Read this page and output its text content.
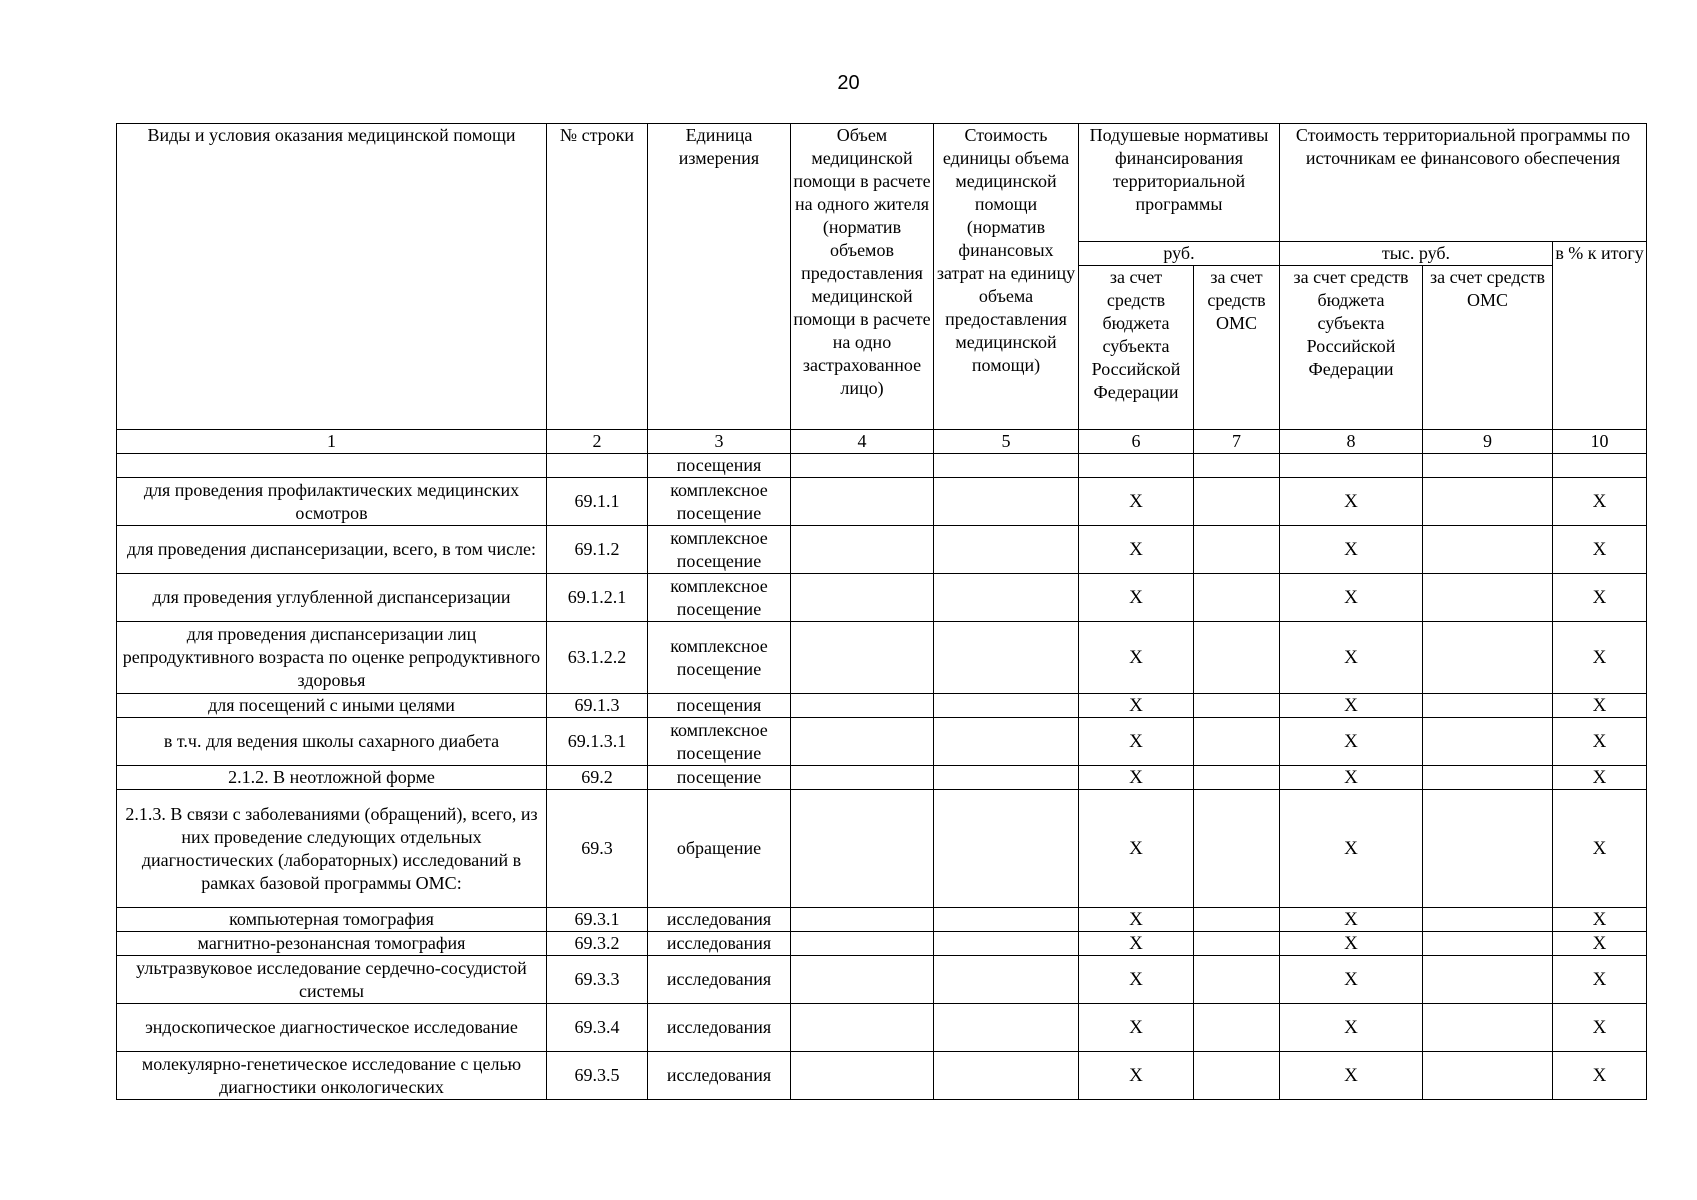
20
Виды и условия оказания медицинской помощи	№ строки	Единица измерения	Объем медицинской помощи в расчете на одного жителя (норматив объемов предоставления медицинской помощи в расчете на одно застрахованное лицо)	Стоимость единицы объема медицинской помощи (норматив финансовых затрат на единицу объема предоставления медицинской помощи)	Подушевые нормативы финансирования территориальной программы		Стоимость территориальной программы по источникам ее финансового обеспечения		
					руб.		тыс. руб.		в % к итогу
					за счет средств бюджета субъекта Российской Федерации	за счет средств ОМС	за счет средств бюджета субъекта Российской Федерации	за счет средств ОМС	
1	2	3	4	5	6	7	8	9	10
		посещения							
для проведения профилактических медицинских осмотров	69.1.1	комплексное посещение			X		X		X
для проведения диспансеризации, всего, в том числе:	69.1.2	комплексное посещение			X		X		X
для проведения углубленной диспансеризации	69.1.2.1	комплексное посещение			X		X		X
для проведения диспансеризации лиц репродуктивного возраста по оценке репродуктивного здоровья	63.1.2.2	комплексное посещение			X		X		X
для посещений с иными целями	69.1.3	посещения			X		X		X
в т.ч. для ведения школы сахарного диабета	69.1.3.1	комплексное посещение			X		X		X
2.1.2. В неотложной форме	69.2	посещение			X		X		X
2.1.3. В связи с заболеваниями (обращений), всего, из них проведение следующих отдельных диагностических (лабораторных) исследований в рамках базовой программы ОМС:	69.3	обращение			X		X		X
компьютерная томография	69.3.1	исследования			X		X		X
магнитно-резонансная томография	69.3.2	исследования			X		X		X
ультразвуковое исследование сердечно-сосудистой системы	69.3.3	исследования			X		X		X
эндоскопическое диагностическое исследование	69.3.4	исследования			X		X		X
молекулярно-генетическое исследование с целью диагностики онкологических	69.3.5	исследования			X		X		X
